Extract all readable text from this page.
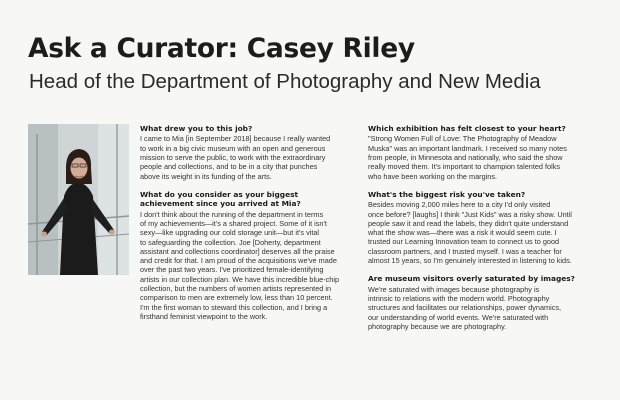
Ask a Curator: Casey Riley
Head of the Department of Photography and New Media
What drew you to this job?
I came to Mia [in September 2018] because I really wanted
to work in a big civic museum with an open and generous
mission to serve the public, to work with the extraordinary
people and collections, and to be in a city that punches
above its weight in its funding of the arts.
What do you consider as your biggest achievement since you arrived at Mia?
I don't think about the running of the department in terms
of my achievements—it's a shared project. Some of it isn't
sexy—like upgrading our cold storage unit—but it's vital
to safeguarding the collection. Joe [Doherty, department
assistant and collections coordinator] deserves all the praise
and credit for that. I am proud of the acquisitions we've made
over the past two years. I've prioritized female-identifying
artists in our collection plan. We have this incredible blue-chip
collection, but the numbers of women artists represented in
comparison to men are extremely low, less than 10 percent.
I'm the first woman to steward this collection, and I bring a
firsthand feminist viewpoint to the work.
Which exhibition has felt closest to your heart?
"Strong Women Full of Love: The Photography of Meadow
Muska" was an important landmark. I received so many notes
from people, in Minnesota and nationally, who said the show
really moved them. It's important to champion talented folks
who have been working on the margins.
What's the biggest risk you've taken?
Besides moving 2,000 miles here to a city I'd only visited
once before? [laughs] I think "Just Kids" was a risky show. Until
people saw it and read the labels, they didn't quite understand
what the show was—there was a risk it would seem cute. I
trusted our Learning Innovation team to connect us to good
classroom partners, and I trusted myself. I was a teacher for
almost 15 years, so I'm genuinely interested in listening to kids.
Are museum visitors overly saturated by images?
We're saturated with images because photography is
intrinsic to relations with the modern world. Photography
structures and facilitates our relationships, power dynamics,
our understanding of world events. We're saturated with
photography because we are photography.
